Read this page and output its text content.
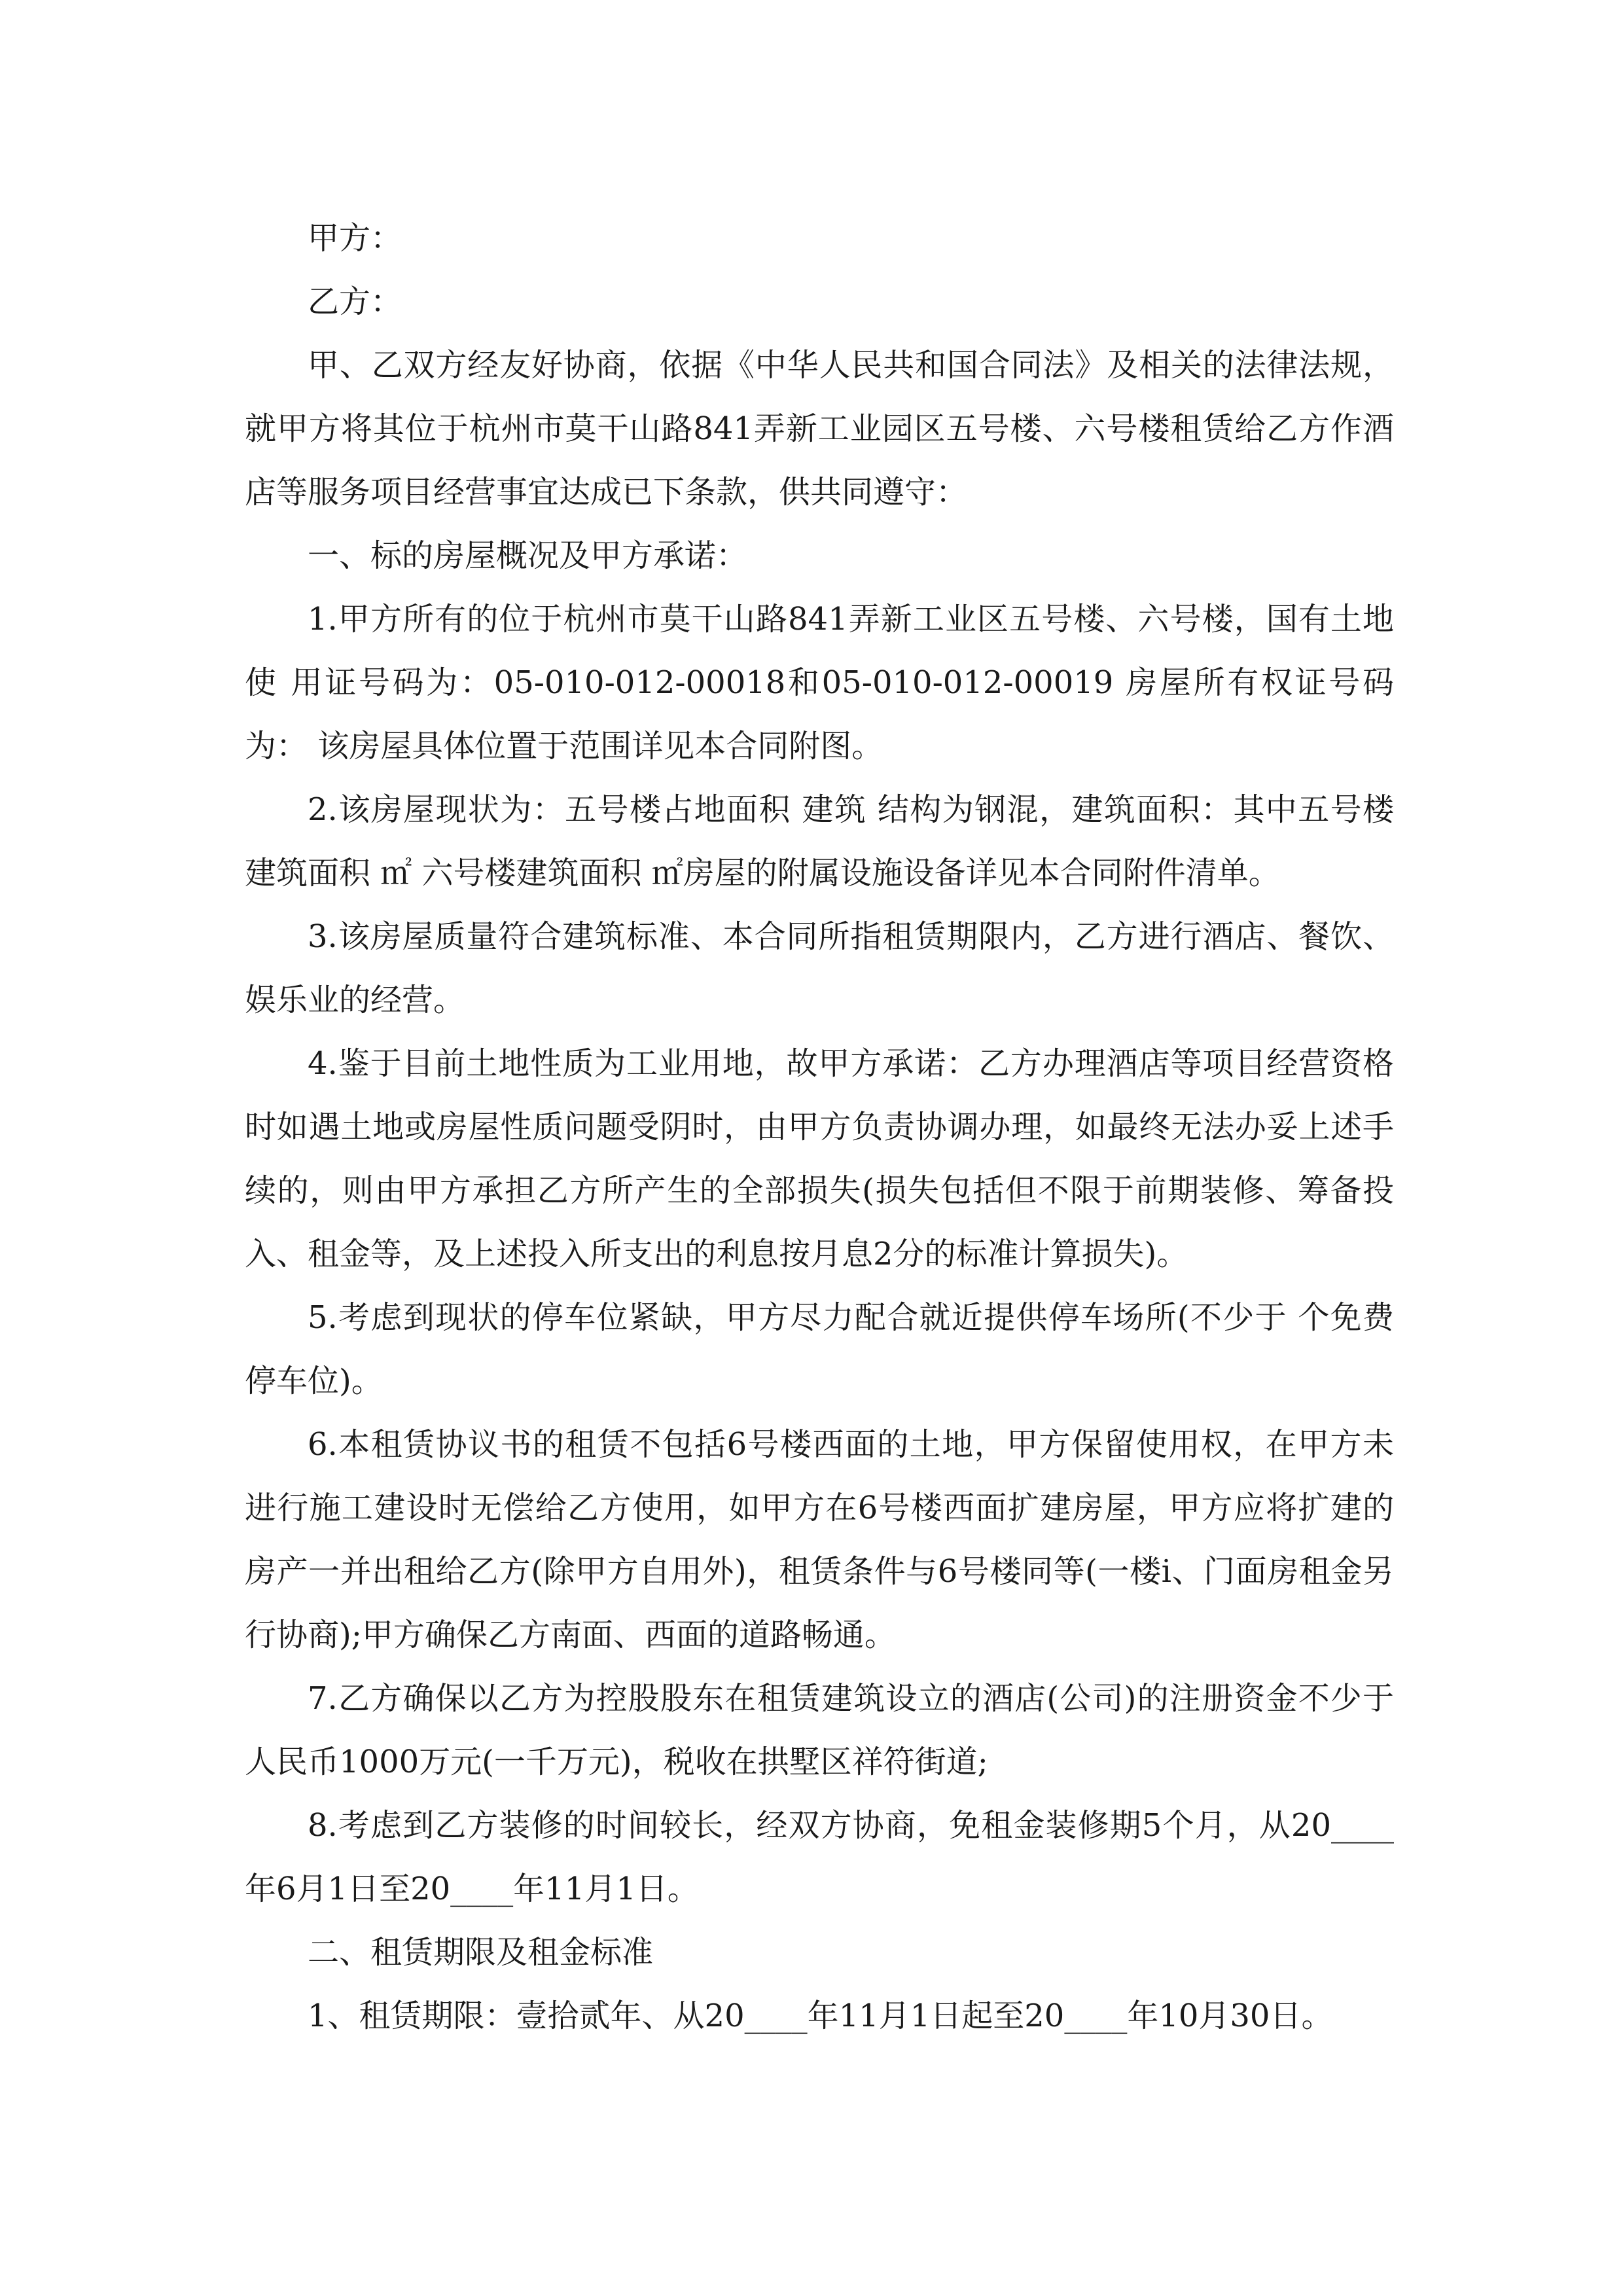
甲方：

乙方：

甲、乙双方经友好协商，依据《中华人民共和国合同法》及相关的法律法规，就甲方将其位于杭州市莫干山路841弄新工业园区五号楼、六号楼租赁给乙方作酒店等服务项目经营事宜达成已下条款，供共同遵守：

一、标的房屋概况及甲方承诺：

1.甲方所有的位于杭州市莫干山路841弄新工业区五号楼、六号楼，国有土地使 用证号码为：05-010-012-00018和05-010-012-00019 房屋所有权证号码为： 该房屋具体位置于范围详见本合同附图。

2.该房屋现状为：五号楼占地面积 建筑 结构为钢混，建筑面积：其中五号楼建筑面积 ㎡ 六号楼建筑面积 ㎡房屋的附属设施设备详见本合同附件清单。

3.该房屋质量符合建筑标准、本合同所指租赁期限内，乙方进行酒店、餐饮、娱乐业的经营。

4.鉴于目前土地性质为工业用地，故甲方承诺：乙方办理酒店等项目经营资格时如遇土地或房屋性质问题受阴时，由甲方负责协调办理，如最终无法办妥上述手续的，则由甲方承担乙方所产生的全部损失(损失包括但不限于前期装修、筹备投入、租金等，及上述投入所支出的利息按月息2分的标准计算损失)。

5.考虑到现状的停车位紧缺，甲方尽力配合就近提供停车场所(不少于 个免费停车位)。

6.本租赁协议书的租赁不包括6号楼西面的土地，甲方保留使用权，在甲方未进行施工建设时无偿给乙方使用，如甲方在6号楼西面扩建房屋，甲方应将扩建的房产一并出租给乙方(除甲方自用外)，租赁条件与6号楼同等(一楼i、门面房租金另行协商);甲方确保乙方南面、西面的道路畅通。

7.乙方确保以乙方为控股股东在租赁建筑设立的酒店(公司)的注册资金不少于人民币1000万元(一千万元)，税收在拱墅区祥符街道;

8.考虑到乙方装修的时间较长，经双方协商，免租金装修期5个月，从20____年6月1日至20____年11月1日。

二、租赁期限及租金标准

1、租赁期限：壹拾贰年、从20____年11月1日起至20____年10月30日。
